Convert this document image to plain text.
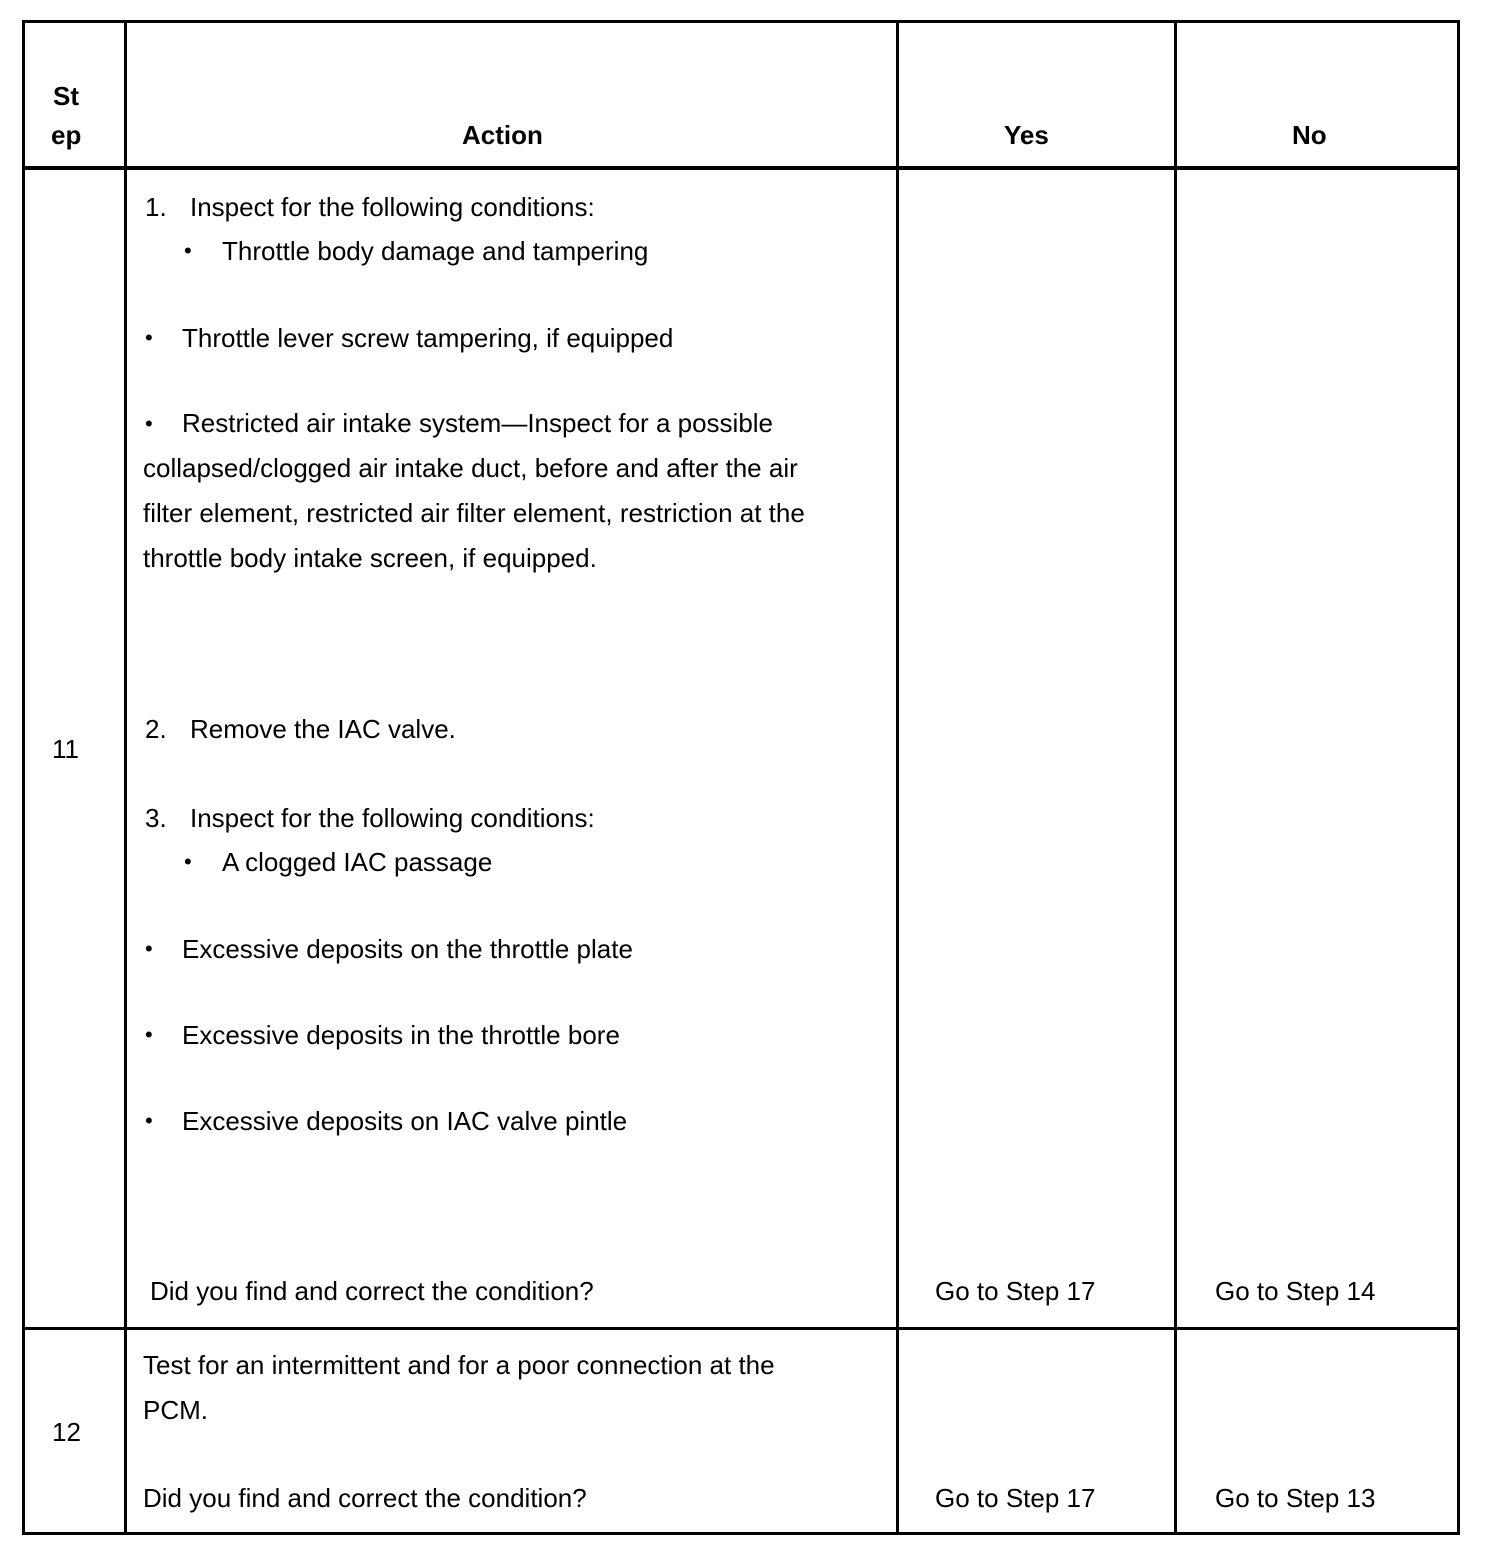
St
ep	Action	Yes	No
11
1. Inspect for the following conditions:
• Throttle body damage and tampering
• Throttle lever screw tampering, if equipped
•	Restricted air intake system—Inspect for a possible collapsed/clogged air intake duct, before and after the air filter element, restricted air filter element, restriction at the throttle body intake screen, if equipped.
2. Remove the IAC valve.
3. Inspect for the following conditions:
• A clogged IAC passage
• Excessive deposits on the throttle plate
• Excessive deposits in the throttle bore
• Excessive deposits on IAC valve pintle
Did you find and correct the condition?	Go to Step 17	Go to Step 14
12
Test for an intermittent and for a poor connection at the PCM.
Did you find and correct the condition?	Go to Step 17	Go to Step 13
